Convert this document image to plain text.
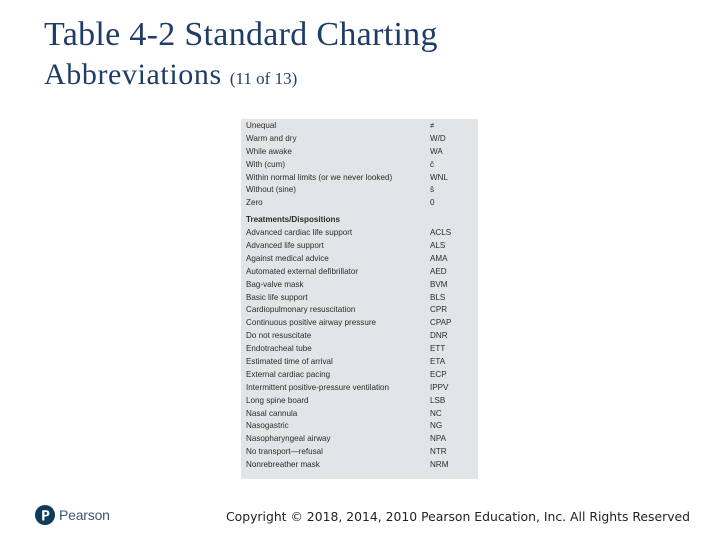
Table 4-2 Standard Charting
Abbreviations (11 of 13)
Unequal	≠
Warm and dry	W/D
While awake	WA
With (cum)	c̄
Within normal limits (or we never looked)	WNL
Without (sine)	s̄
Zero	0
Treatments/Dispositions
Advanced cardiac life support	ACLS
Advanced life support	ALS
Against medical advice	AMA
Automated external defibrillator	AED
Bag-valve mask	BVM
Basic life support	BLS
Cardiopulmonary resuscitation	CPR
Continuous positive airway pressure	CPAP
Do not resuscitate	DNR
Endotracheal tube	ETT
Estimated time of arrival	ETA
External cardiac pacing	ECP
Intermittent positive-pressure ventilation	IPPV
Long spine board	LSB
Nasal cannula	NC
Nasogastric	NG
Nasopharyngeal airway	NPA
No transport—refusal	NTR
Nonrebreather mask	NRM
Pearson	Copyright © 2018, 2014, 2010 Pearson Education, Inc. All Rights Reserved
